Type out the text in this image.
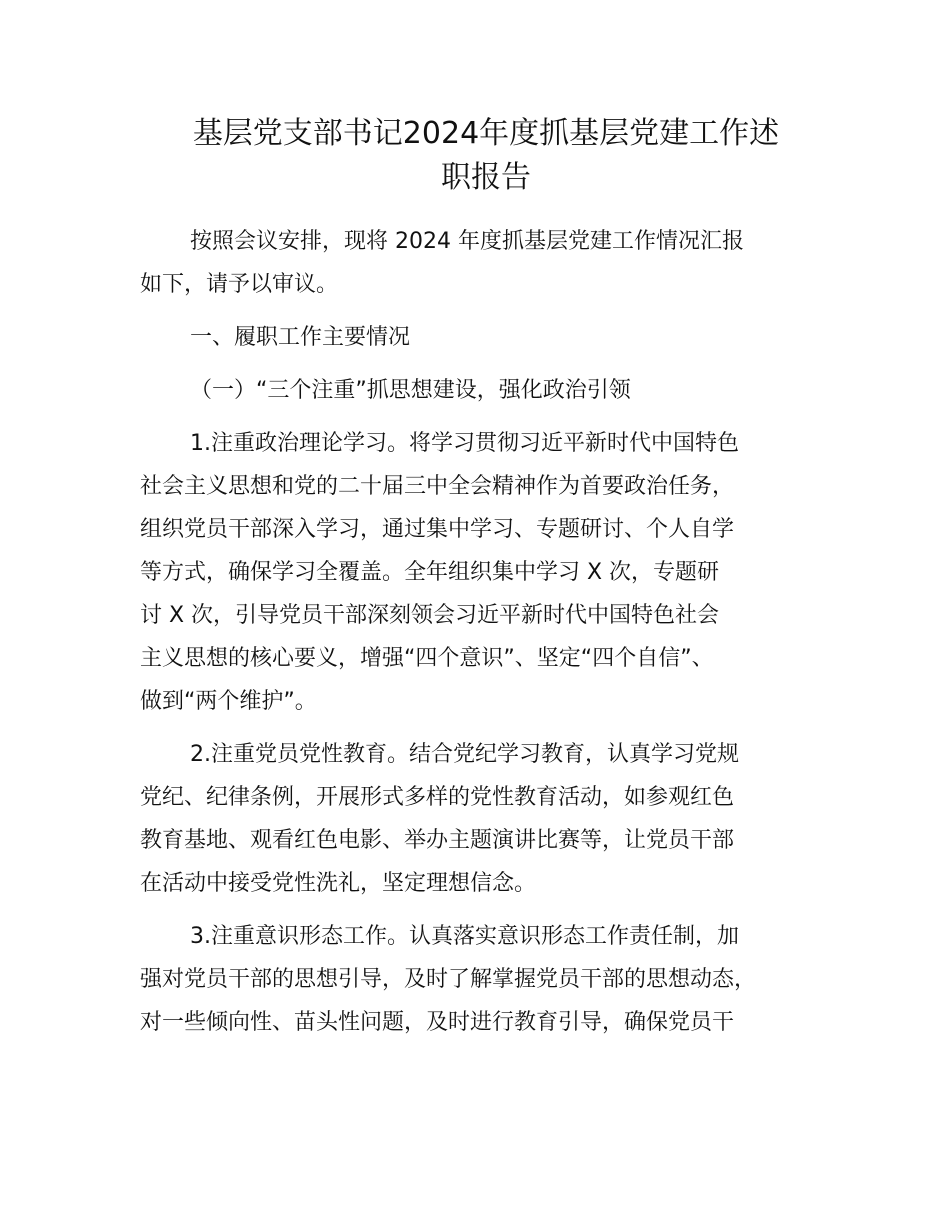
基层党支部书记2024年度抓基层党建工作述
职报告

按照会议安排，现将 2024 年度抓基层党建工作情况汇报
如下，请予以审议。

一、履职工作主要情况

（一）“三个注重”抓思想建设，强化政治引领

1.注重政治理论学习。将学习贯彻习近平新时代中国特色
社会主义思想和党的二十届三中全会精神作为首要政治任务，
组织党员干部深入学习，通过集中学习、专题研讨、个人自学
等方式，确保学习全覆盖。全年组织集中学习 X 次，专题研
讨 X 次，引导党员干部深刻领会习近平新时代中国特色社会
主义思想的核心要义，增强“四个意识”、坚定“四个自信”、
做到“两个维护”。

2.注重党员党性教育。结合党纪学习教育，认真学习党规
党纪、纪律条例，开展形式多样的党性教育活动，如参观红色
教育基地、观看红色电影、举办主题演讲比赛等，让党员干部
在活动中接受党性洗礼，坚定理想信念。

3.注重意识形态工作。认真落实意识形态工作责任制，加
强对党员干部的思想引导，及时了解掌握党员干部的思想动态，
对一些倾向性、苗头性问题，及时进行教育引导，确保党员干
